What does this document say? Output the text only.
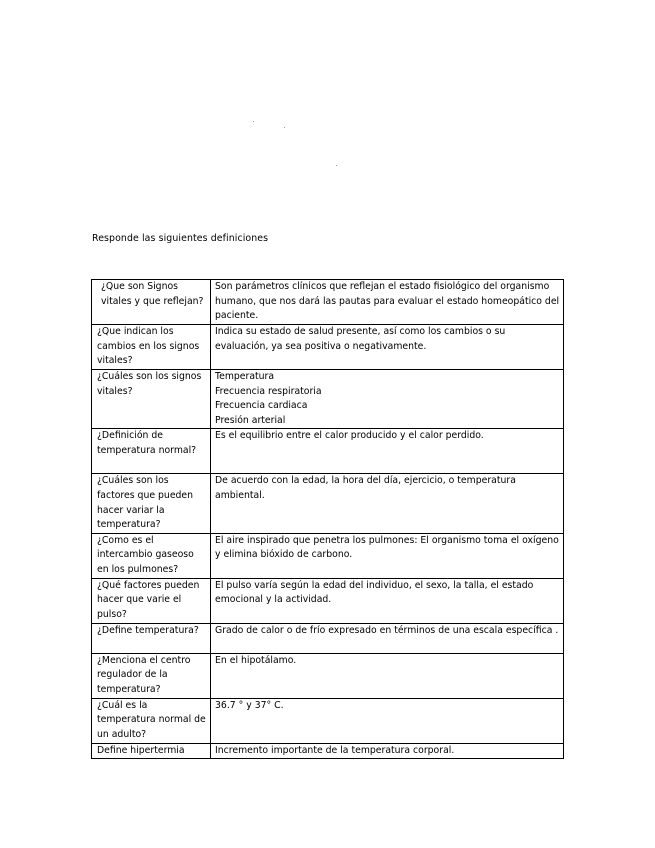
Responde las siguientes definiciones
¿Que son Signos vitales y que reflejan?	Son parámetros clínicos que reflejan el estado fisiológico del organismo humano, que nos dará las pautas para evaluar el estado homeopático del paciente.
¿Que indican los cambios en los signos vitales?	Indica su estado de salud presente, así como los cambios o su evaluación, ya sea positiva o negativamente.
¿Cuáles son los signos vitales?	Temperatura
Frecuencia respiratoria
Frecuencia cardiaca
Presión arterial

¿Definición de temperatura normal?	Es el equilibrio entre el calor producido y el calor perdido.
¿Cuáles son los factores que pueden hacer variar la temperatura?	De acuerdo con la edad, la hora del día, ejercicio, o temperatura ambiental.
¿Como es el intercambio gaseoso en los pulmones?	El aire inspirado que penetra los pulmones: El organismo toma el oxígeno y elimina bióxido de carbono.
¿Qué factores pueden hacer que varie el pulso?	El pulso varía según la edad del individuo, el sexo, la talla, el estado emocional y la actividad.
¿Define temperatura?	Grado de calor o de frío expresado en términos de una escala específica .
¿Menciona el centro regulador de la temperatura?	En el hipotálamo.
¿Cuál es la temperatura normal de un adulto?	36.7 ° y 37° C.
Define hipertermia	Incremento importante de la temperatura corporal.
